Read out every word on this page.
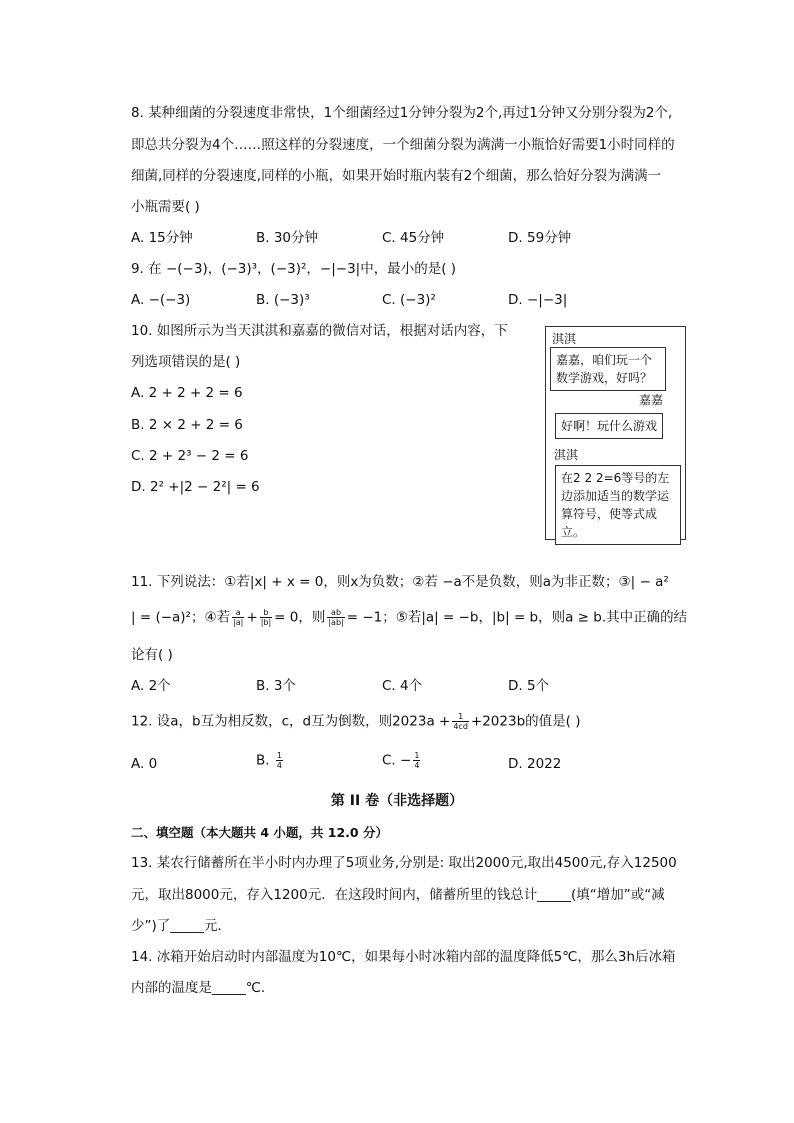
8. 某种细菌的分裂速度非常快，1个细菌经过1分钟分裂为2个,再过1分钟又分别分裂为2个,
即总共分裂为4个……照这样的分裂速度，一个细菌分裂为满满一小瓶恰好需要1小时同样的
细菌,同样的分裂速度,同样的小瓶，如果开始时瓶内装有2个细菌，那么恰好分裂为满满一
小瓶需要( )
A. 15分钟	B. 30分钟	C. 45分钟	D. 59分钟
9. 在 −(−3)，(−3)³，(−3)²，−|−3|中，最小的是( )
A. −(−3)	B. (−3)³	C. (−3)²	D. −|−3|
10. 如图所示为当天淇淇和嘉嘉的微信对话，根据对话内容，下
列选项错误的是( )
A. 2 + 2 + 2 = 6
B. 2 × 2 + 2 = 6
C. 2 + 2³ − 2 = 6
D. 2² +|2 − 2²| = 6
淇淇
嘉嘉，咱们玩一个数学游戏，好吗？
嘉嘉
好啊！玩什么游戏
淇淇
在2 2 2=6等号的左边添加适当的数学运算符号，使等式成立。
11. 下列说法：①若|x| + x = 0，则x为负数；②若 −a不是负数，则a为非正数；③| − a²
| = (−a)²；④若 $\frac{a}{|a|} + \frac{b}{|b|} = 0$，则 $\frac{ab}{|ab|} = -1$；⑤若|a| = −b，|b| = b，则a ≥ b.其中正确的结
论有( )
A. 2个	B. 3个	C. 4个	D. 5个
12. 设a，b互为相反数，c，d互为倒数，则$2023a + \frac{1}{4cd} +2023b$的值是( )
A. 0	B. $\frac{1}{4}$	C. − $\frac{1}{4}$	D. 2022
第 II 卷（非选择题）
二、填空题（本大题共 4 小题，共 12.0 分）
13. 某农行储蓄所在半小时内办理了5项业务,分别是: 取出2000元,取出4500元,存入12500
元，取出8000元，存入1200元．在这段时间内，储蓄所里的钱总计_____(填“增加”或“减
少”)了_____元．
14. 冰箱开始启动时内部温度为10℃，如果每小时冰箱内部的温度降低5℃，那么3h后冰箱
内部的温度是_____℃.
